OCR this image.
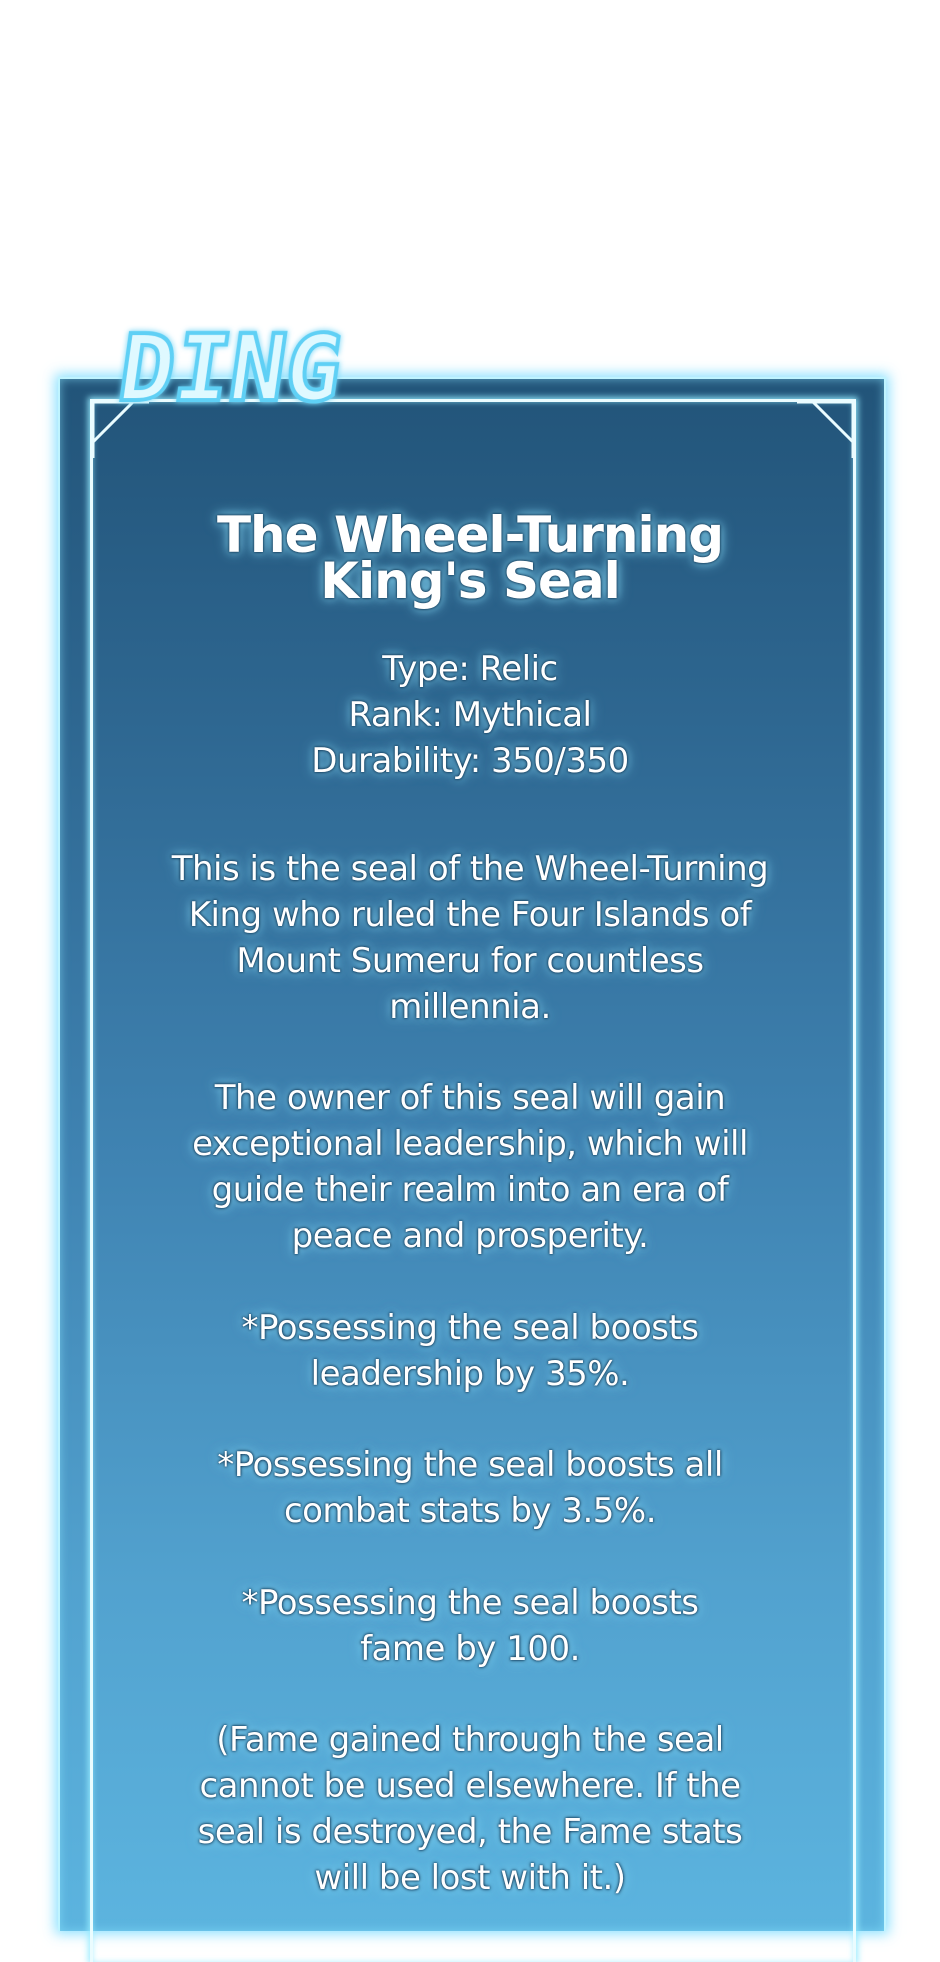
DING
The Wheel-Turning
King's Seal
Type: Relic
Rank: Mythical
Durability: 350/350
This is the seal of the Wheel-Turning
King who ruled the Four Islands of
Mount Sumeru for countless
millennia.
The owner of this seal will gain
exceptional leadership, which will
guide their realm into an era of
peace and prosperity.
*Possessing the seal boosts
leadership by 35%.
*Possessing the seal boosts all
combat stats by 3.5%.
*Possessing the seal boosts
fame by 100.
(Fame gained through the seal
cannot be used elsewhere. If the
seal is destroyed, the Fame stats
will be lost with it.)
